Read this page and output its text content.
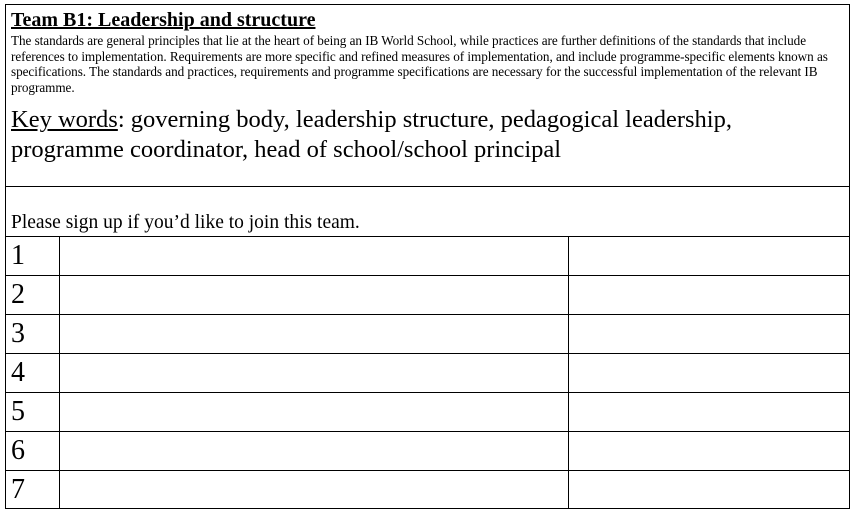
Team B1: Leadership and structure

The standards are general principles that lie at the heart of being an IB World School, while practices are further definitions of the standards that include references to implementation. Requirements are more specific and refined measures of implementation, and include programme-specific elements known as specifications. The standards and practices, requirements and programme specifications are necessary for the successful implementation of the relevant IB programme.

Key words: governing body, leadership structure, pedagogical leadership, programme coordinator, head of school/school principal

Please sign up if you’d like to join this team.

1
2
3
4
5
6
7
